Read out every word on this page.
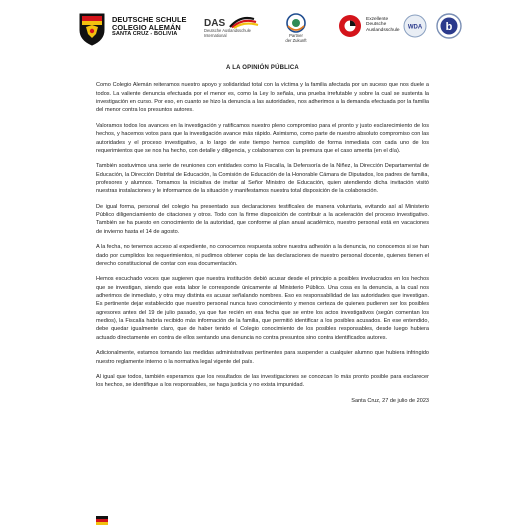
DEUTSCHE SCHULE
COLEGIO ALEMÁN
SANTA CRUZ - BOLIVIA
DAS
Deutsche Auslandsschule
International	Partner
der Zukunft
Exzellente
Deutsche
Auslandsschule WDA b
A LA OPINIÓN PÚBLICA

Como Colegio Alemán reiteramos nuestro apoyo y solidaridad total con la víctima y la familia afectada por un suceso que nos duele a todos. La valiente denuncia efectuada por el menor es, como la Ley lo señala, una prueba irrefutable y sobre la cual se sustenta la investigación en curso. Por eso, en cuanto se hizo la denuncia a las autoridades, nos adherimos a la demanda efectuada por la familia del menor contra los presuntos autores.

Valoramos todos los avances en la investigación y ratificamos nuestro pleno compromiso para el pronto y justo esclarecimiento de los hechos, y hacemos votos para que la investigación avance más rápido. Asimismo, como parte de nuestro absoluto compromiso con las autoridades y el proceso investigativo, a lo largo de este tiempo hemos cumplido de forma inmediata con cada uno de los requerimientos que se nos ha hecho, con detalle y diligencia, y colaboramos con la premura que el caso amerita (en el día).

También sostuvimos una serie de reuniones con entidades como la Fiscalía, la Defensoría de la Niñez, la Dirección Departamental de Educación, la Dirección Distrital de Educación, la Comisión de Educación de la Honorable Cámara de Diputados, los padres de familia, profesores y alumnos. Tomamos la iniciativa de invitar al Señor Ministro de Educación, quien atendiendo dicha invitación visitó nuestras instalaciones y le informamos de la situación y manifestamos nuestra total disposición de la colaboración.

De igual forma, personal del colegio ha presentado sus declaraciones testificales de manera voluntaria, evitando así al Ministerio Público diligenciamiento de citaciones y otros. Todo con la firme disposición de contribuir a la aceleración del proceso investigativo. También se ha puesto en conocimiento de la autoridad, que conforme al plan anual académico, nuestro personal está en vacaciones de invierno hasta el 14 de agosto.

A la fecha, no tenemos acceso al expediente, no conocemos respuesta sobre nuestra adhesión a la denuncia, no conocemos si se han dado por cumplidos los requerimientos, ni pudimos obtener copia de las declaraciones de nuestro personal docente, quienes tienen el derecho constitucional de contar con esa documentación.

Hemos escuchado voces que sugieren que nuestra institución debió acusar desde el principio a posibles involucrados en los hechos que se investigan, siendo que esta labor le corresponde únicamente al Ministerio Público. Una cosa es la denuncia, a la cual nos adherimos de inmediato, y otra muy distinta es acusar señalando nombres. Eso es responsabilidad de las autoridades que investigan. Es pertinente dejar establecido que nuestro personal nunca tuvo conocimiento y menos certeza de quienes pudieren ser los posibles agresores antes del 19 de julio pasado, ya que fue recién en esa fecha que se entre los actos investigativos (según comentan los medios), la Fiscalía habría recibido más información de la familia, que permitió identificar a los posibles acusados. En ese entendido, debe quedar igualmente claro, que de haber tenido el Colegio conocimiento de los posibles responsables, desde luego hubiera actuado directamente en contra de ellos sentando una denuncia no contra presuntos sino contra identificados autores.

Adicionalmente, estamos tomando las medidas administrativas pertinentes para suspender a cualquier alumno que hubiera infringido nuestro reglamente interno o la normativa legal vigente del país.

Al igual que todos, también esperamos que los resultados de las investigaciones se conozcan lo más pronto posible para esclarecer los hechos, se identifique a los responsables, se haga justicia y no exista impunidad.

Santa Cruz, 27 de julio de 2023
